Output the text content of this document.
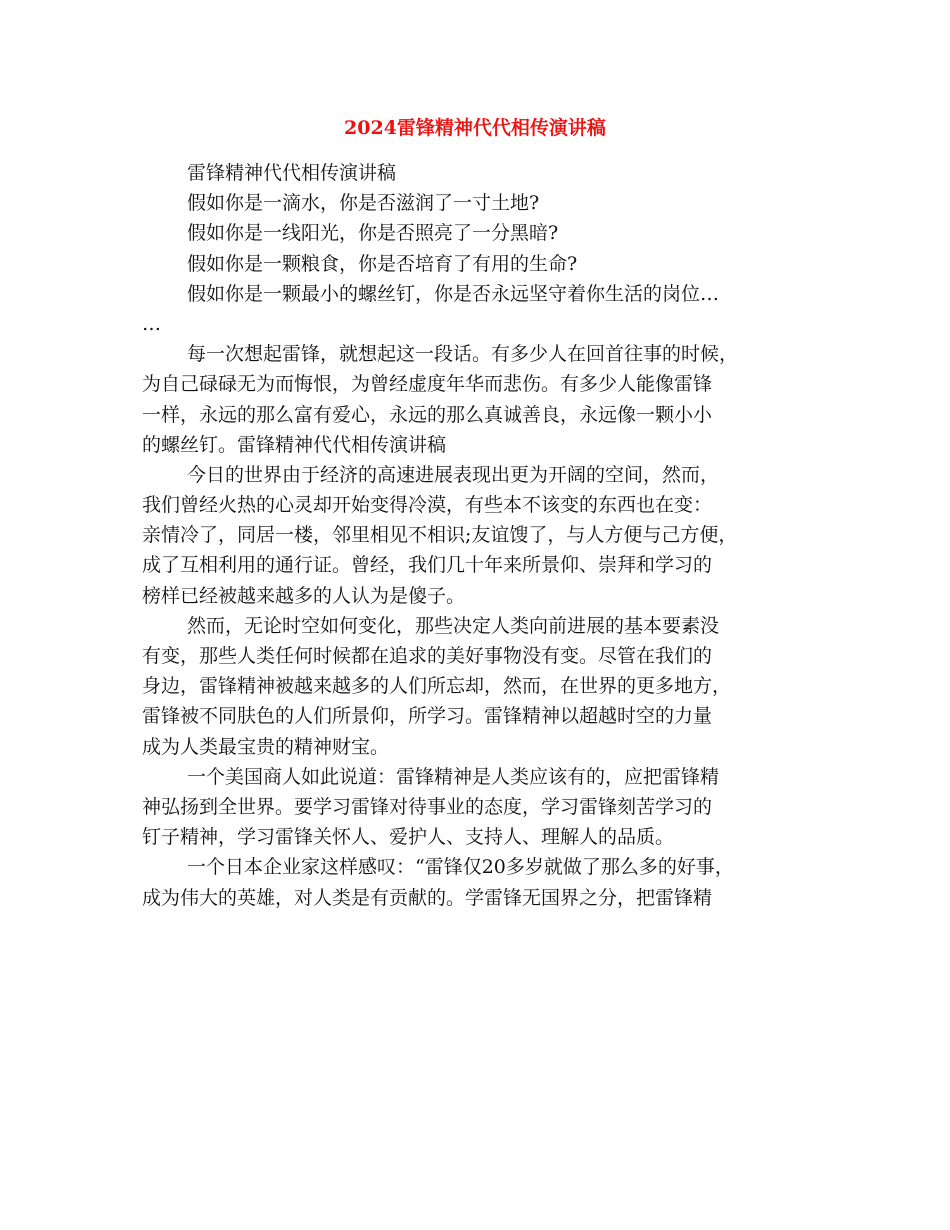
2024雷锋精神代代相传演讲稿
雷锋精神代代相传演讲稿
假如你是一滴水，你是否滋润了一寸土地?
假如你是一线阳光，你是否照亮了一分黑暗?
假如你是一颗粮食，你是否培育了有用的生命?
假如你是一颗最小的螺丝钉，你是否永远坚守着你生活的岗位…
…
每一次想起雷锋，就想起这一段话。有多少人在回首往事的时候，
为自己碌碌无为而悔恨，为曾经虚度年华而悲伤。有多少人能像雷锋
一样，永远的那么富有爱心，永远的那么真诚善良，永远像一颗小小
的螺丝钉。雷锋精神代代相传演讲稿
今日的世界由于经济的高速进展表现出更为开阔的空间，然而，
我们曾经火热的心灵却开始变得冷漠，有些本不该变的东西也在变：
亲情冷了，同居一楼，邻里相见不相识;友谊馊了，与人方便与己方便，
成了互相利用的通行证。曾经，我们几十年来所景仰、崇拜和学习的
榜样已经被越来越多的人认为是傻子。
然而，无论时空如何变化，那些决定人类向前进展的基本要素没
有变，那些人类任何时候都在追求的美好事物没有变。尽管在我们的
身边，雷锋精神被越来越多的人们所忘却，然而，在世界的更多地方，
雷锋被不同肤色的人们所景仰，所学习。雷锋精神以超越时空的力量
成为人类最宝贵的精神财宝。
一个美国商人如此说道：雷锋精神是人类应该有的，应把雷锋精
神弘扬到全世界。要学习雷锋对待事业的态度，学习雷锋刻苦学习的
钉子精神，学习雷锋关怀人、爱护人、支持人、理解人的品质。
一个日本企业家这样感叹：“雷锋仅20多岁就做了那么多的好事，
成为伟大的英雄，对人类是有贡献的。学雷锋无国界之分，把雷锋精
